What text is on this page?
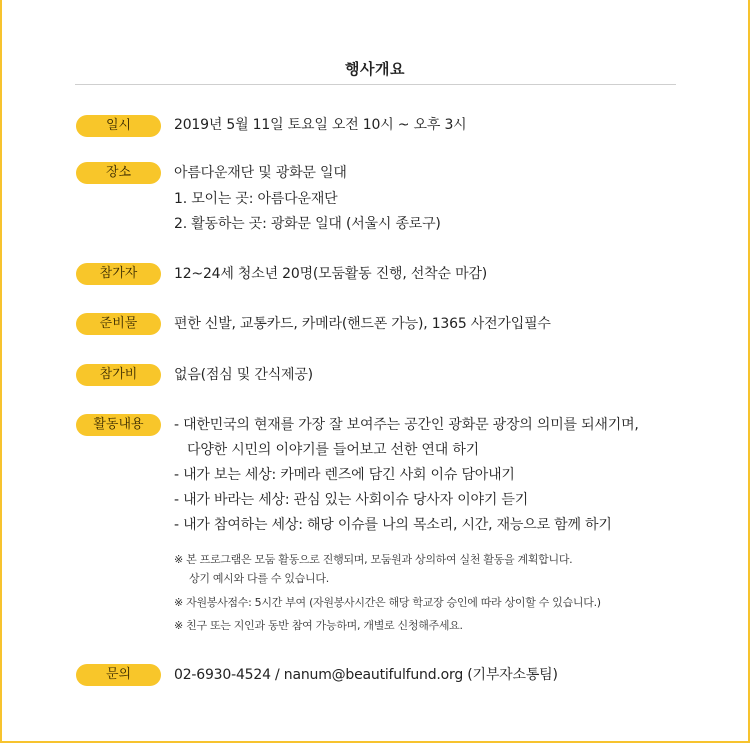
행사개요
일시	2019년 5월 11일 토요일 오전 10시 ~ 오후 3시
장소	아름다운재단 및 광화문 일대
1. 모이는 곳: 아름다운재단
2. 활동하는 곳: 광화문 일대 (서울시 종로구)
참가자	12~24세 청소년 20명(모둠활동 진행, 선착순 마감)
준비물	편한 신발, 교통카드, 카메라(핸드폰 가능), 1365 사전가입필수
참가비	없음(점심 및 간식제공)
활동내용	- 대한민국의 현재를 가장 잘 보여주는 공간인 광화문 광장의 의미를 되새기며,
다양한 시민의 이야기를 들어보고 선한 연대 하기
- 내가 보는 세상: 카메라 렌즈에 담긴 사회 이슈 담아내기
- 내가 바라는 세상: 관심 있는 사회이슈 당사자 이야기 듣기
- 내가 참여하는 세상: 해당 이슈를 나의 목소리, 시간, 재능으로 함께 하기
※ 본 프로그램은 모둠 활동으로 진행되며, 모둠원과 상의하여 실천 활동을 계획합니다.
상기 예시와 다를 수 있습니다.
※ 자원봉사점수: 5시간 부여 (자원봉사시간은 해당 학교장 승인에 따라 상이할 수 있습니다.)
※ 친구 또는 지인과 동반 참여 가능하며, 개별로 신청해주세요.
문의	02-6930-4524 / nanum@beautifulfund.org (기부자소통팀)
